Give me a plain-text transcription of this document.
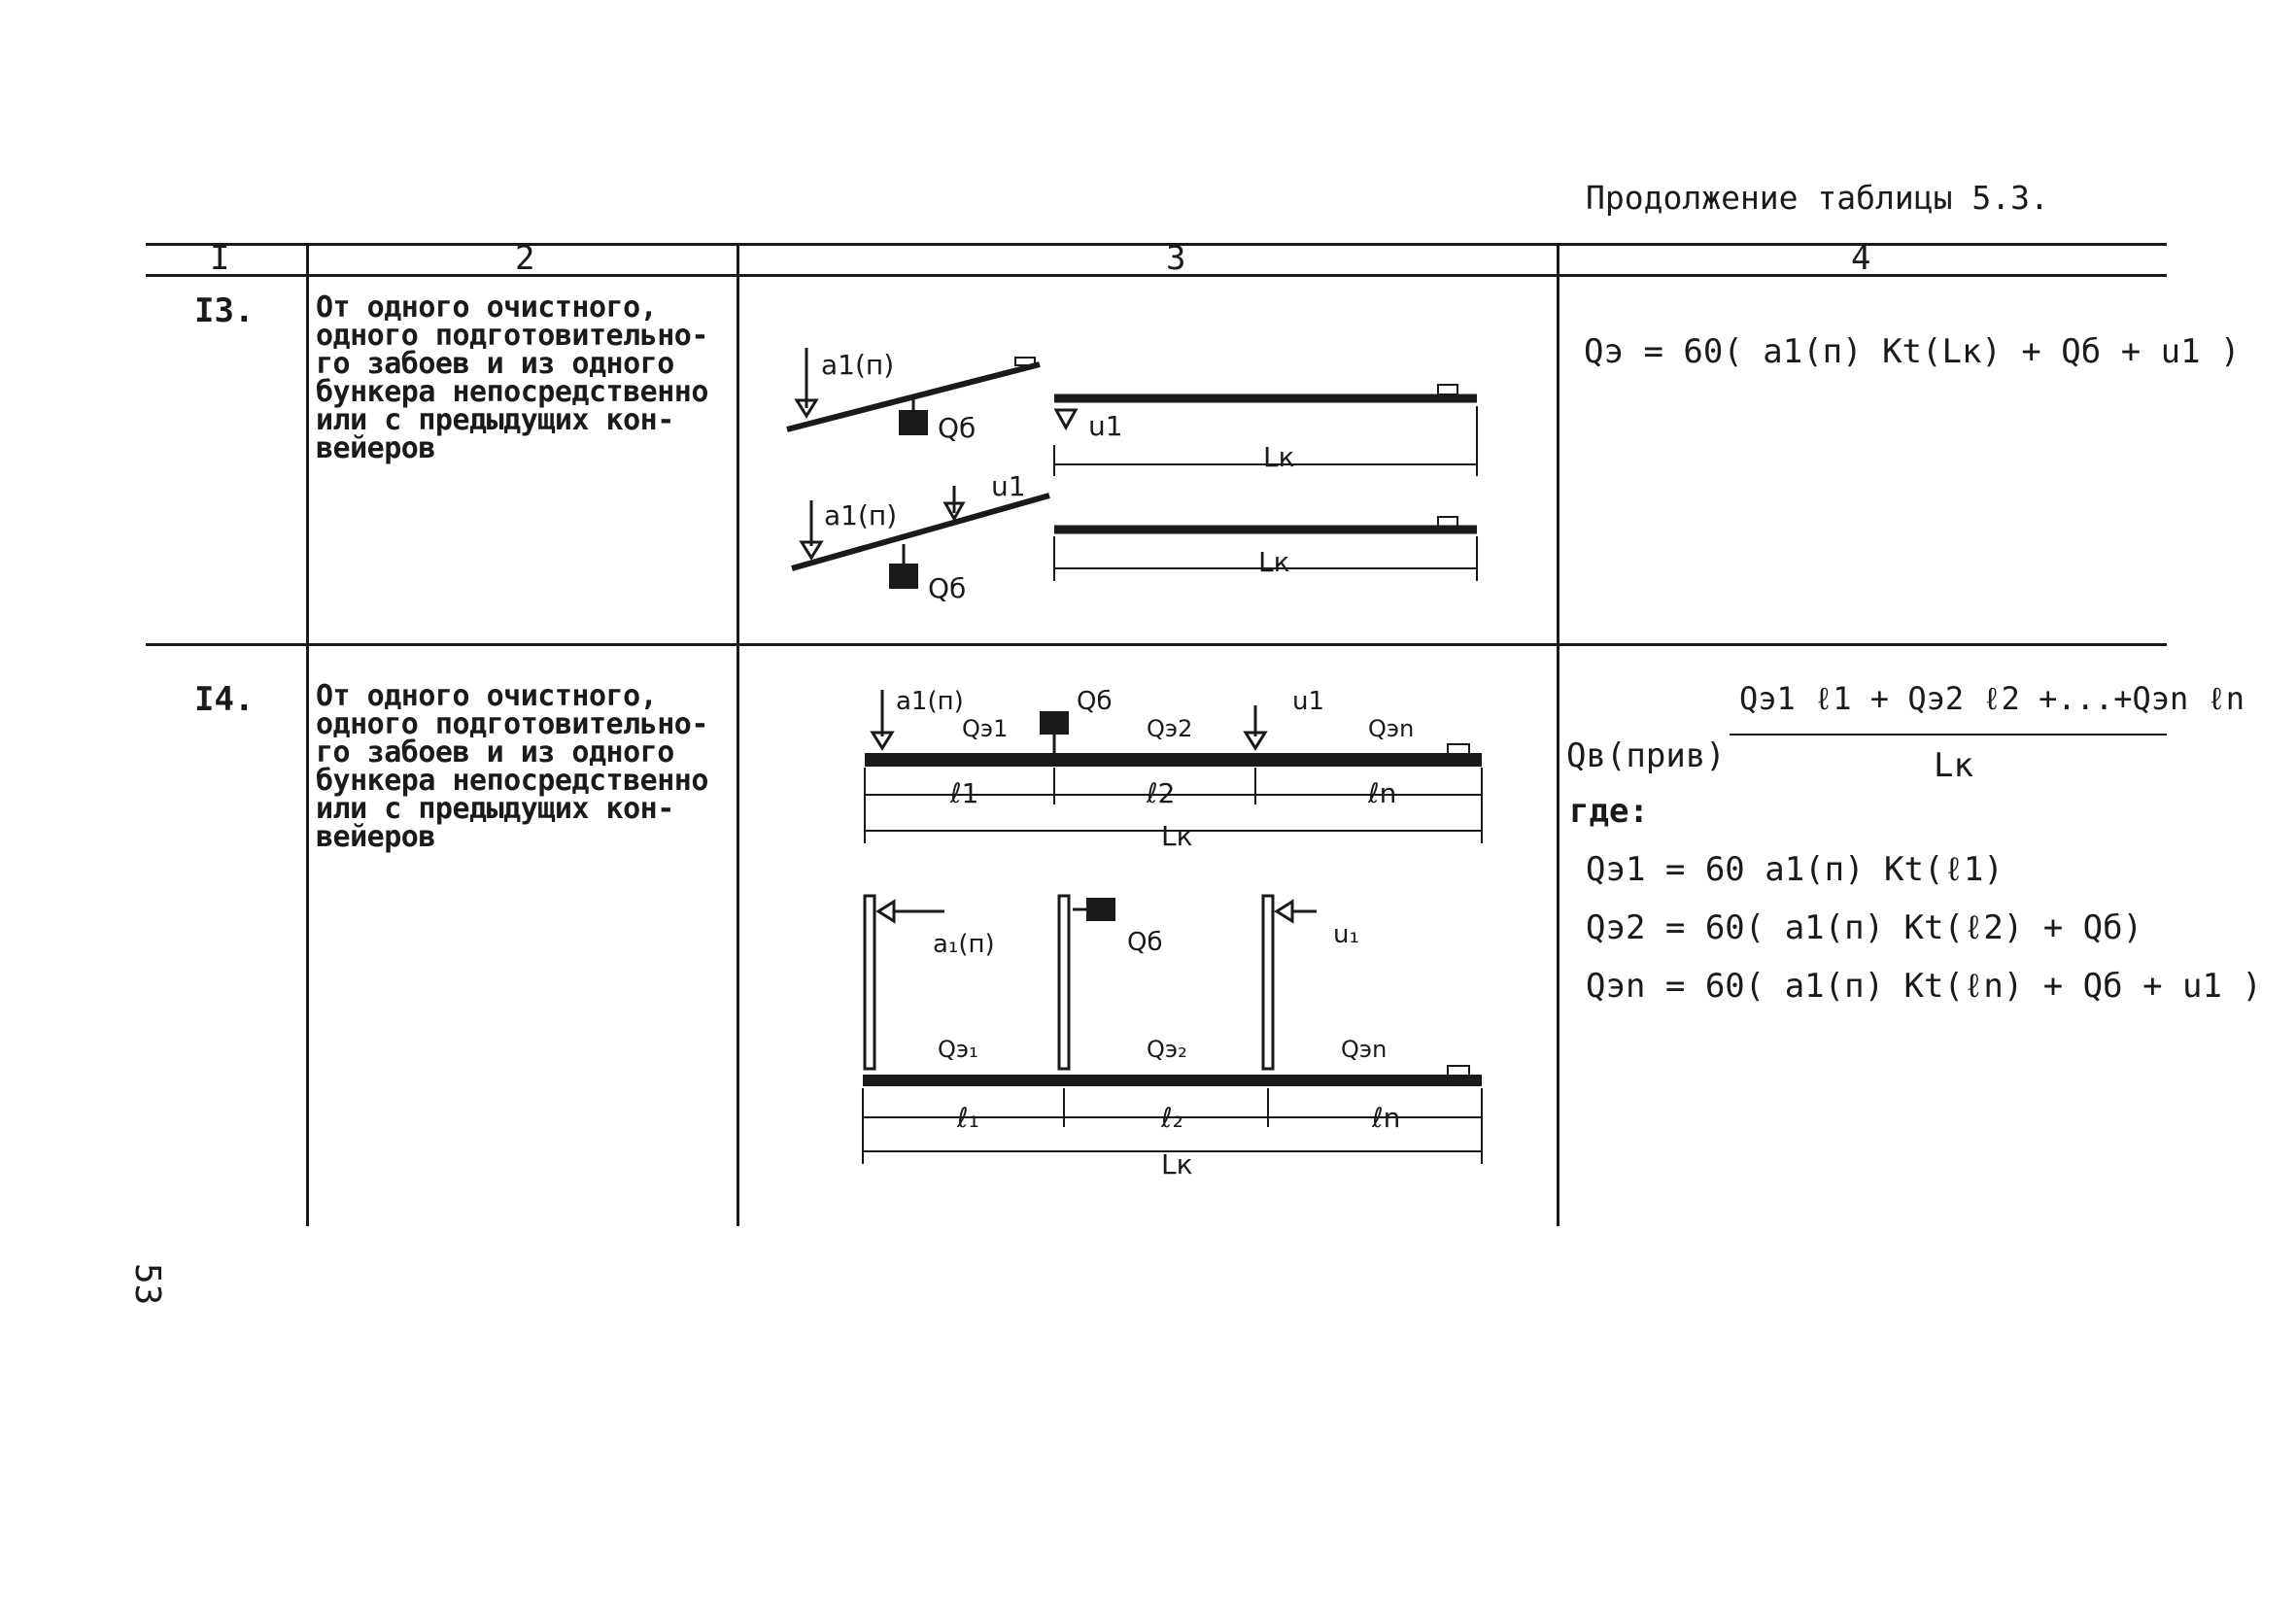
Продолжение таблицы 5.3.
I	2	3	4
I3. От одного очистного,
одного подготовительно-
го забоев и из одного
бункера непосредственно
или с предыдущих кон-
вейеров
Qэ = 60( a1(п) Kt(Lк) + Qб + u1 )
a1(п)
Qб	u1
Lк
a1(п)
u1
Qб
Lк
I4. От одного очистного,
одного подготовительно-
го забоев и из одного
бункера непосредственно
или с предыдущих кон-
вейеров
Qв(прив)
Qэ1 ℓ1 + Qэ2 ℓ2 +...+Qэn ℓn
Lк
где:
Qэ1 = 60 a1(п) Kt(ℓ1)
Qэ2 = 60( a1(п) Kt(ℓ2) + Qб)
Qэn = 60( a1(п) Kt(ℓn) + Qб + u1 )
a1(п)	Qб	u1
Qэ1	Qэ2	Qэn
ℓ1	ℓ2	ℓn
Lк
a₁(п)	Qб	u₁
Qэ₁	Qэ₂	Qэn
ℓ₁	ℓ₂	ℓn
Lк
53
